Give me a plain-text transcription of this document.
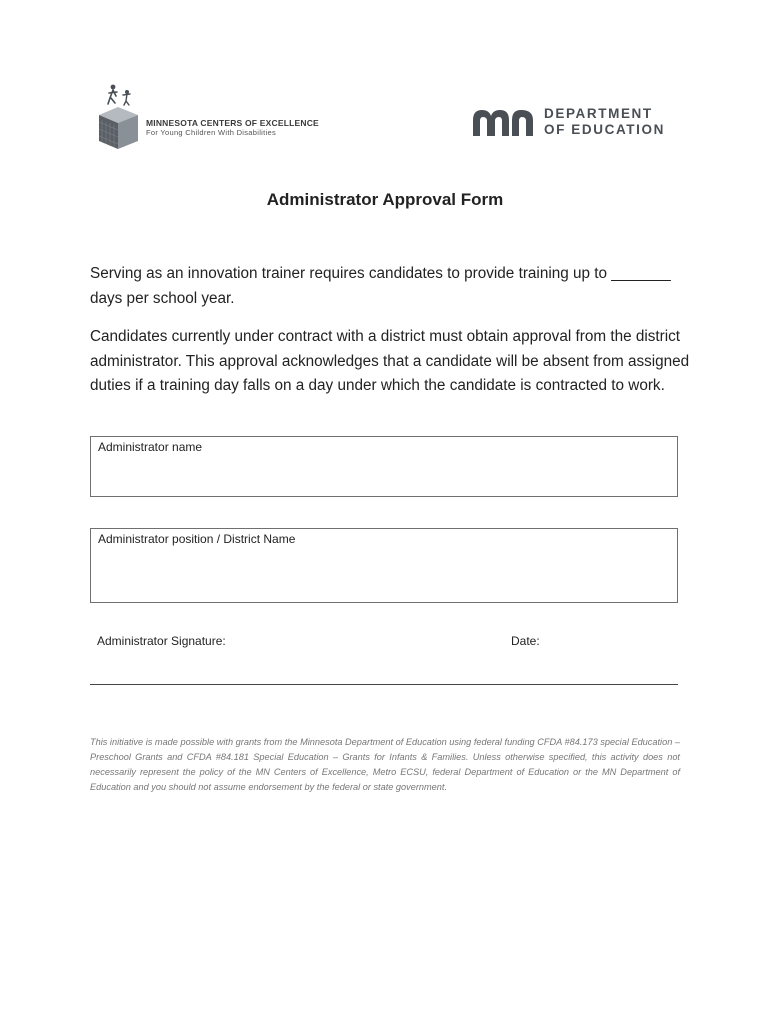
MINNESOTA CENTERS OF EXCELLENCE
For Young Children With Disabilities
DEPARTMENT
OF EDUCATION
Administrator Approval Form
Serving as an innovation trainer requires candidates to provide training up to _______ days per school year.
Candidates currently under contract with a district must obtain approval from the district administrator. This approval acknowledges that a candidate will be absent from assigned duties if a training day falls on a day under which the candidate is contracted to work.
Administrator name
Administrator position / District Name
Administrator Signature:	Date:
This initiative is made possible with grants from the Minnesota Department of Education using federal funding CFDA #84.173 special Education – Preschool Grants and CFDA #84.181 Special Education – Grants for Infants & Families. Unless otherwise specified, this activity does not necessarily represent the policy of the MN Centers of Excellence, Metro ECSU, federal Department of Education or the MN Department of Education and you should not assume endorsement by the federal or state government.
